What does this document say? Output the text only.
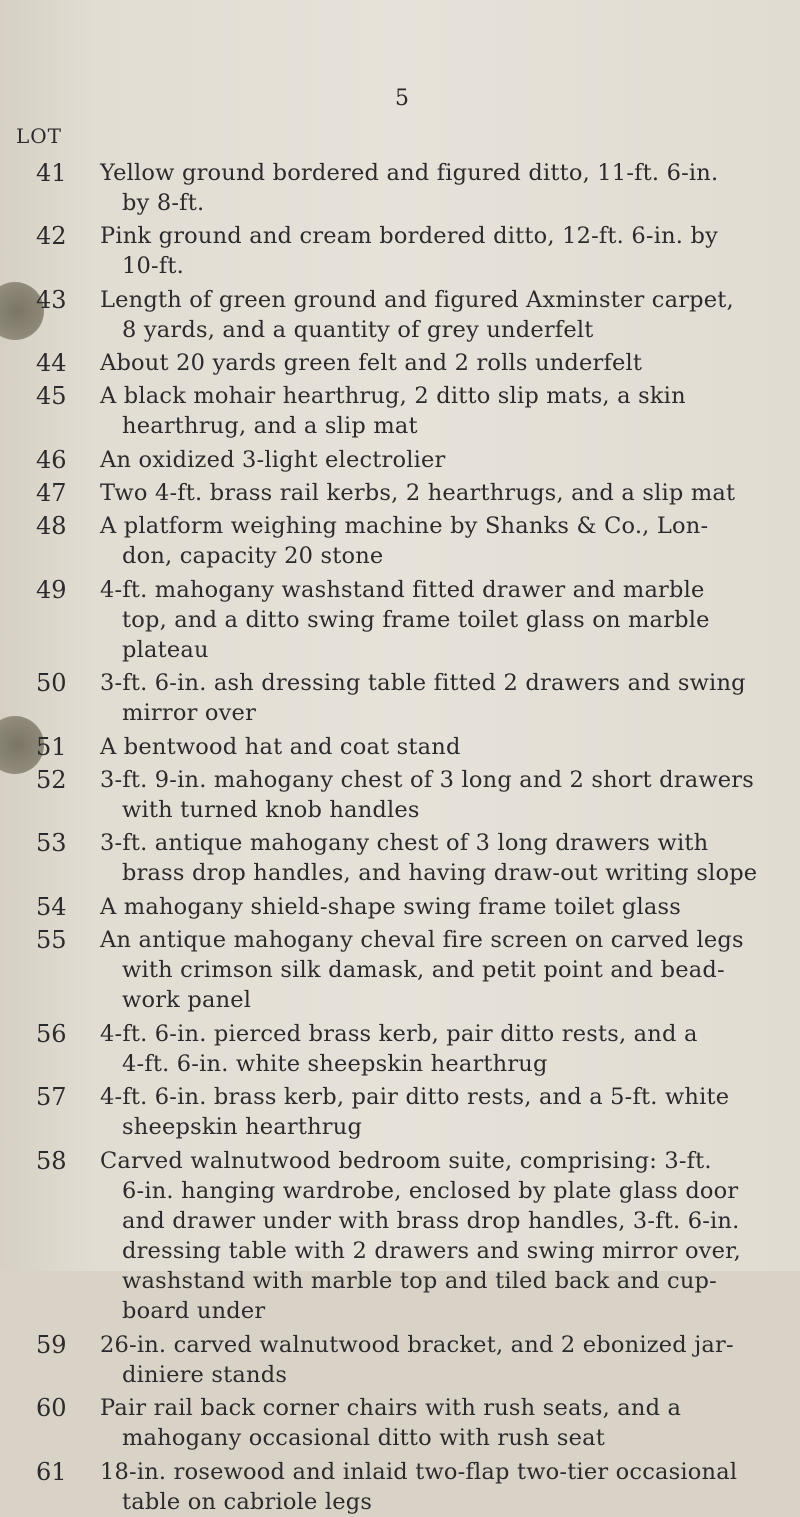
5
LOT
41	Yellow ground bordered and figured ditto, 11-ft. 6-in.
by 8-ft.
42	Pink ground and cream bordered ditto, 12-ft. 6-in. by
10-ft.
43	Length of green ground and figured Axminster carpet,
8 yards, and a quantity of grey underfelt
44	About 20 yards green felt and 2 rolls underfelt
45	A black mohair hearthrug, 2 ditto slip mats, a skin
hearthrug, and a slip mat
46	An oxidized 3-light electrolier
47	Two 4-ft. brass rail kerbs, 2 hearthrugs, and a slip mat
48	A platform weighing machine by Shanks & Co., Lon-
don, capacity 20 stone
49	4-ft. mahogany washstand fitted drawer and marble
top, and a ditto swing frame toilet glass on marble
plateau
50	3-ft. 6-in. ash dressing table fitted 2 drawers and swing
mirror over
51	A bentwood hat and coat stand
52	3-ft. 9-in. mahogany chest of 3 long and 2 short drawers
with turned knob handles
53	3-ft. antique mahogany chest of 3 long drawers with
brass drop handles, and having draw-out writing slope
54	A mahogany shield-shape swing frame toilet glass
55	An antique mahogany cheval fire screen on carved legs
with crimson silk damask, and petit point and bead-
work panel
56	4-ft. 6-in. pierced brass kerb, pair ditto rests, and a
4-ft. 6-in. white sheepskin hearthrug
57	4-ft. 6-in. brass kerb, pair ditto rests, and a 5-ft. white
sheepskin hearthrug
58	Carved walnutwood bedroom suite, comprising: 3-ft.
6-in. hanging wardrobe, enclosed by plate glass door
and drawer under with brass drop handles, 3-ft. 6-in.
dressing table with 2 drawers and swing mirror over,
washstand with marble top and tiled back and cup-
board under
59	26-in. carved walnutwood bracket, and 2 ebonized jar-
diniere stands
60	Pair rail back corner chairs with rush seats, and a
mahogany occasional ditto with rush seat
61	18-in. rosewood and inlaid two-flap two-tier occasional
table on cabriole legs
